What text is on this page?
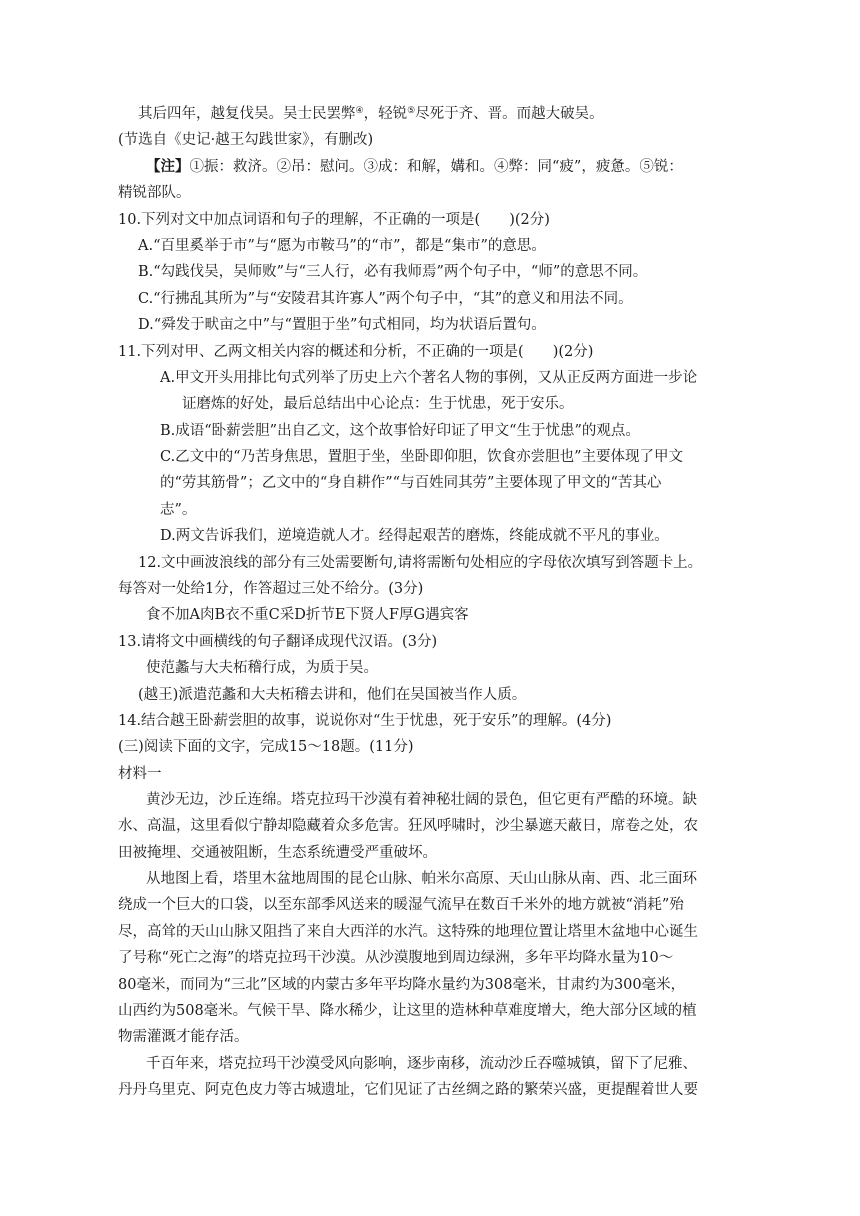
其后四年，越复伐吴。吴士民罢弊④，轻锐⑤尽死于齐、晋。而越大破吴。
(节选自《史记·越王勾践世家》，有删改)
【注】①振：救济。②吊：慰问。③成：和解，媾和。④弊：同“疲”，疲惫。⑤锐：
精锐部队。
10.下列对文中加点词语和句子的理解，不正确的一项是(　　)(2分)
A.“百里奚举于市”与“愿为市鞍马”的“市”，都是“集市”的意思。
B.“勾践伐吴，吴师败”与“三人行，必有我师焉”两个句子中，“师”的意思不同。
C.“行拂乱其所为”与“安陵君其许寡人”两个句子中，“其”的意义和用法不同。
D.“舜发于畎亩之中”与“置胆于坐”句式相同，均为状语后置句。
11.下列对甲、乙两文相关内容的概述和分析，不正确的一项是(　　)(2分)
A.甲文开头用排比句式列举了历史上六个著名人物的事例，又从正反两方面进一步论
证磨炼的好处，最后总结出中心论点：生于忧患，死于安乐。
B.成语“卧薪尝胆”出自乙文，这个故事恰好印证了甲文“生于忧患”的观点。
C.乙文中的“乃苦身焦思，置胆于坐，坐卧即仰胆，饮食亦尝胆也”主要体现了甲文
的“劳其筋骨”；乙文中的“身自耕作”“与百姓同其劳”主要体现了甲文的“苦其心
志”。
D.两文告诉我们，逆境造就人才。经得起艰苦的磨炼，终能成就不平凡的事业。
12.文中画波浪线的部分有三处需要断句,请将需断句处相应的字母依次填写到答题卡上。
每答对一处给1分，作答超过三处不给分。(3分)
食不加A肉B衣不重C采D折节E下贤人F厚G遇宾客
13.请将文中画横线的句子翻译成现代汉语。(3分)
使范蠡与大夫柘稽行成，为质于吴。
(越王)派遣范蠡和大夫柘稽去讲和，他们在吴国被当作人质。
14.结合越王卧薪尝胆的故事，说说你对“生于忧患，死于安乐”的理解。(4分)
(三)阅读下面的文字，完成15～18题。(11分)
材料一
黄沙无边，沙丘连绵。塔克拉玛干沙漠有着神秘壮阔的景色，但它更有严酷的环境。缺
水、高温，这里看似宁静却隐藏着众多危害。狂风呼啸时，沙尘暴遮天蔽日，席卷之处，农
田被掩埋、交通被阻断，生态系统遭受严重破坏。
从地图上看，塔里木盆地周围的昆仑山脉、帕米尔高原、天山山脉从南、西、北三面环
绕成一个巨大的口袋，以至东部季风送来的暖湿气流早在数百千米外的地方就被“消耗”殆
尽，高耸的天山山脉又阻挡了来自大西洋的水汽。这特殊的地理位置让塔里木盆地中心诞生
了号称“死亡之海”的塔克拉玛干沙漠。从沙漠腹地到周边绿洲，多年平均降水量为10～
80毫米，而同为“三北”区域的内蒙古多年平均降水量约为308毫米，甘肃约为300毫米，
山西约为508毫米。气候干旱、降水稀少，让这里的造林种草难度增大，绝大部分区域的植
物需灌溉才能存活。
千百年来，塔克拉玛干沙漠受风向影响，逐步南移，流动沙丘吞噬城镇，留下了尼雅、
丹丹乌里克、阿克色皮力等古城遗址，它们见证了古丝绸之路的繁荣兴盛，更提醒着世人要
